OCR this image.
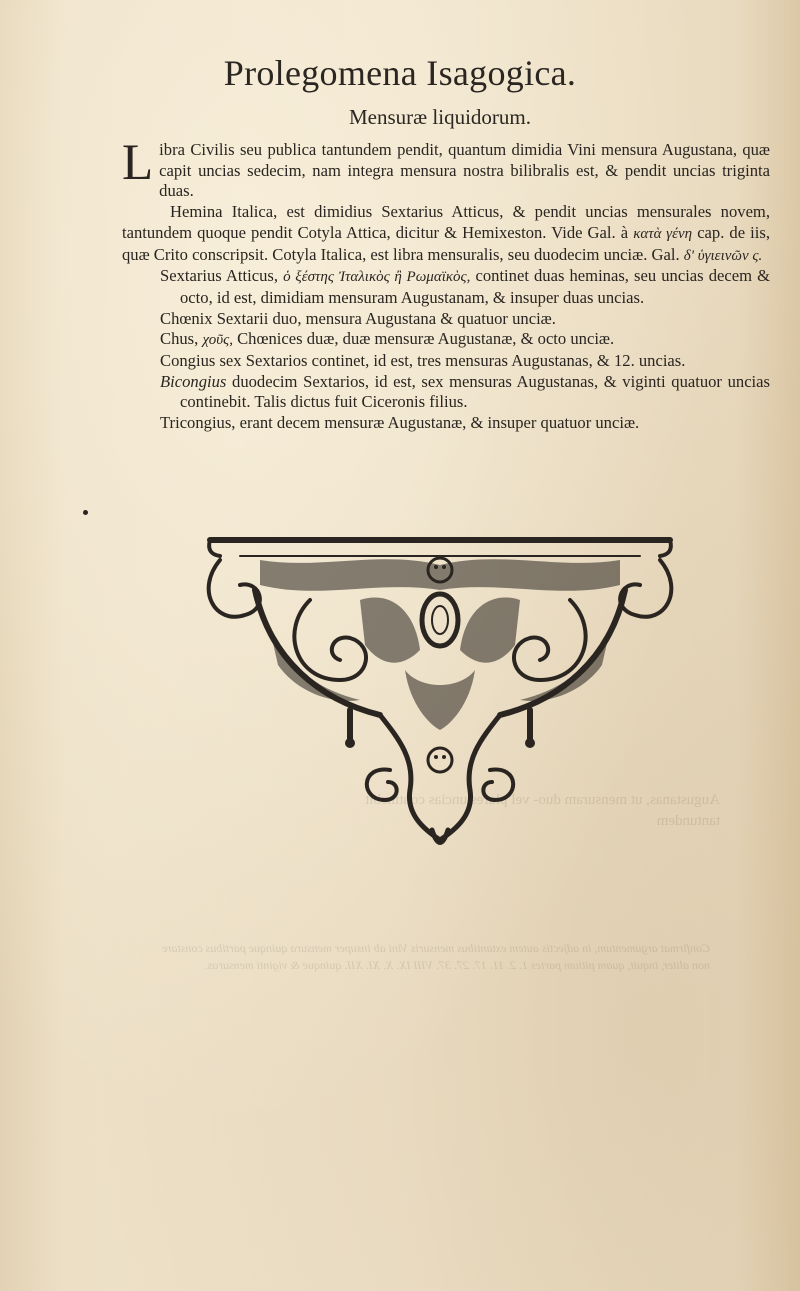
Prolegomena Isagogica.
Mensuræ liquidorum.

Libra Civilis seu publica tantundem pendit, quantum dimidia Vini mensura Augustana, quæ capit uncias sedecim, nam integra mensura nostra bilibralis est, & pendit uncias triginta duas.

Hemina Italica, est dimidius Sextarius Atticus, & pendit uncias mensurales novem, tantundem quoque pendit Cotyla Attica, dicitur & Hemixeston. Vide Gal. à κατὰ γένη cap. de iis, quæ Crito conscripsit. Cotyla Italica, est libra mensuralis, seu duodecim unciæ. Gal. δ' ὑγιεινῶν ς.

Sextarius Atticus, ὁ ξέστης Ἰταλικὸς ἢ Ρωμαϊκὸς, continet duas heminas, seu uncias decem & octo, id est, dimidiam mensuram Augustanam, & insuper duas uncias.

Chœnix Sextarii duo, mensura Augustana & quatuor unciæ.

Chus, χοῦς, Chœnices duæ, duæ mensuræ Augustanæ, & octo unciæ.

Congius sex Sextarios continet, id est, tres mensuras Augustanas, & 12. uncias.

Bicongius duodecim Sextarios, id est, sex mensuras Augustanas, & viginti quatuor uncias continebit. Talis dictus fuit Ciceronis filius.

Tricongius, erant decem mensuræ Augustanæ, & insuper quatuor unciæ.

Augustanas, ut mensuram duo- vel plures uncias continebit tantundem
Confirmat argumentum, in adjectis autem extantibus mensuris Vini ab insuper mensura quinque partibus constare non aliter, inquit, quam pitium partes 1. 2. 11. 17. 27. 37. VIII IX. X. XI. XII. quinque & viginti mensuras.
